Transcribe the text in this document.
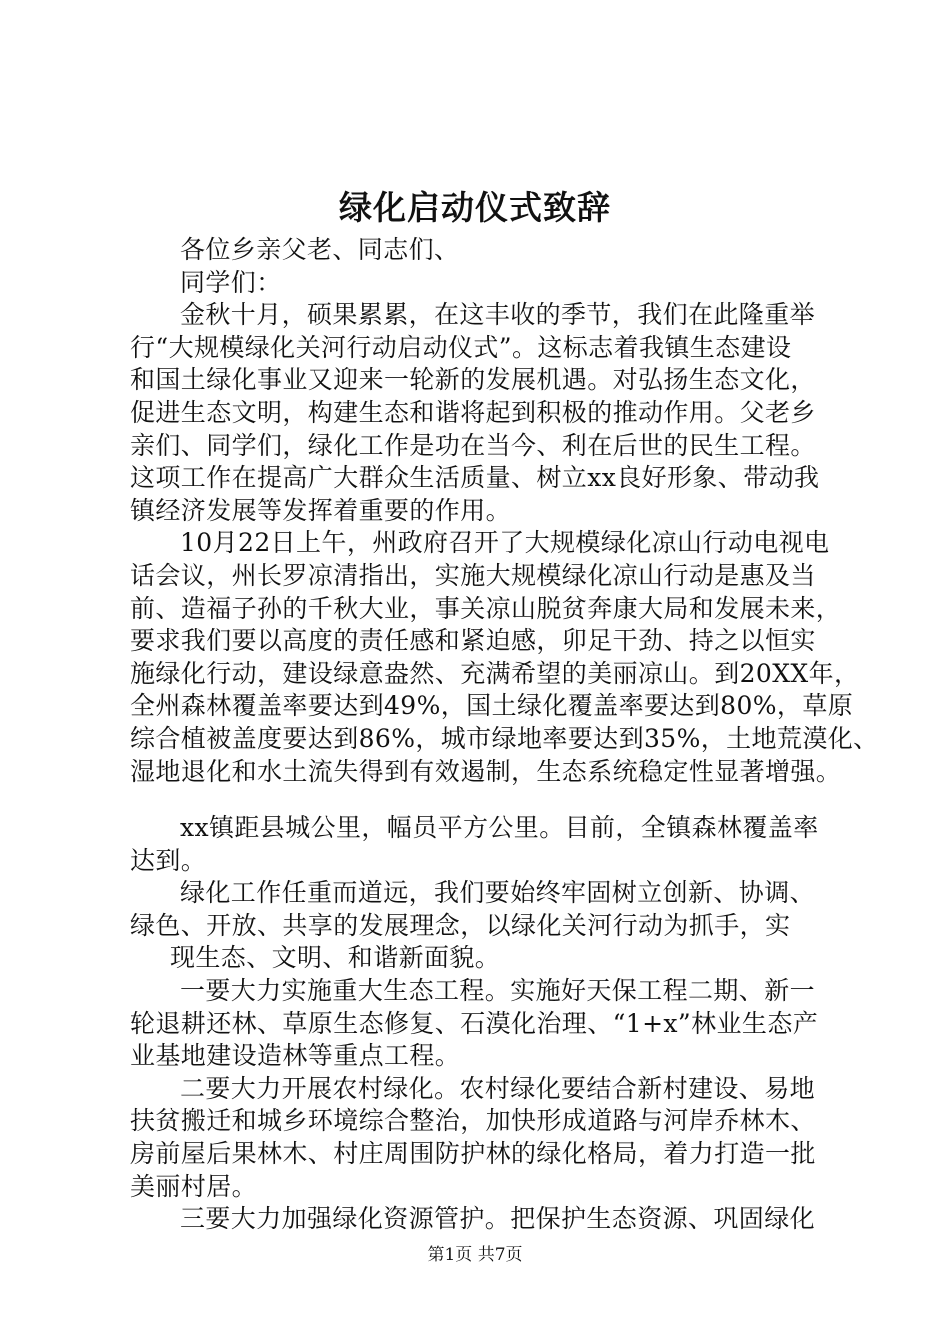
绿化启动仪式致辞
各位乡亲父老、同志们、
同学们：
金秋十月，硕果累累，在这丰收的季节，我们在此隆重举
行“大规模绿化关河行动启动仪式”。这标志着我镇生态建设
和国土绿化事业又迎来一轮新的发展机遇。对弘扬生态文化，
促进生态文明，构建生态和谐将起到积极的推动作用。父老乡
亲们、同学们，绿化工作是功在当今、利在后世的民生工程。
这项工作在提高广大群众生活质量、树立xx良好形象、带动我
镇经济发展等发挥着重要的作用。
10月22日上午，州政府召开了大规模绿化凉山行动电视电
话会议，州长罗凉清指出，实施大规模绿化凉山行动是惠及当
前、造福子孙的千秋大业，事关凉山脱贫奔康大局和发展未来，
要求我们要以高度的责任感和紧迫感，卯足干劲、持之以恒实
施绿化行动，建设绿意盎然、充满希望的美丽凉山。到20XX年，
全州森林覆盖率要达到49%，国土绿化覆盖率要达到80%，草原
综合植被盖度要达到86%，城市绿地率要达到35%，土地荒漠化、
湿地退化和水土流失得到有效遏制，生态系统稳定性显著增强。
xx镇距县城公里，幅员平方公里。目前，全镇森林覆盖率
达到。
绿化工作任重而道远，我们要始终牢固树立创新、协调、
绿色、开放、共享的发展理念，以绿化关河行动为抓手，实
现生态、文明、和谐新面貌。
一要大力实施重大生态工程。实施好天保工程二期、新一
轮退耕还林、草原生态修复、石漠化治理、“1+x”林业生态产
业基地建设造林等重点工程。
二要大力开展农村绿化。农村绿化要结合新村建设、易地
扶贫搬迁和城乡环境综合整治，加快形成道路与河岸乔林木、
房前屋后果林木、村庄周围防护林的绿化格局，着力打造一批
美丽村居。
三要大力加强绿化资源管护。把保护生态资源、巩固绿化
第1页 共7页
